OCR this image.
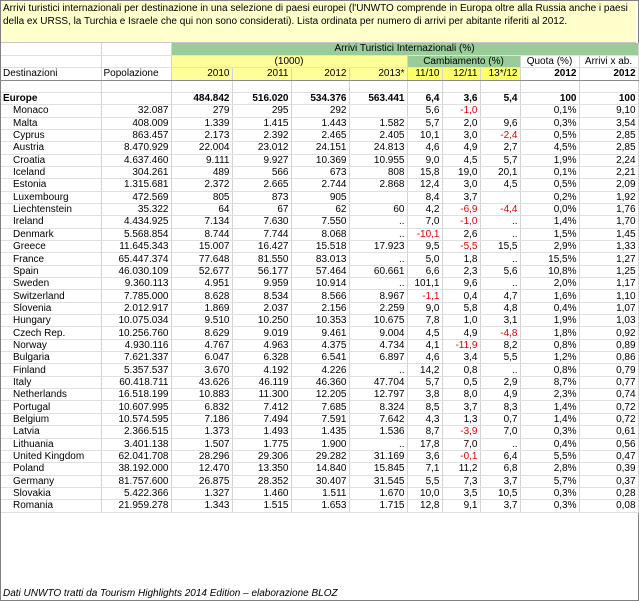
Arrivi turistici internazionali per destinazione in una selezione di paesi europei (l'UNWTO comprende in Europa oltre alla Russia anche i paesi della ex URSS, la Turchia e Israele che qui non sono considerati). Lista ordinata per numero di arrivi per abitante riferiti al 2012.
		Arrivi Turistici Internazionali (%)								
		(1000)				Cambiamento (%)			Quota (%)	Arrivi x ab.
Destinazioni	Popolazione	2010	2011	2012	2013*	11/10	12/11	13*/12	2012	2012

Europe		484.842	516.020	534.376	563.441	6,4	3,6	5,4	100	100
Monaco	32.087	279	295	292		5,6	-1,0		0,1%	9,10
Malta	408.009	1.339	1.415	1.443	1.582	5,7	2,0	9,6	0,3%	3,54
Cyprus	863.457	2.173	2.392	2.465	2.405	10,1	3,0	-2,4	0,5%	2,85
Austria	8.470.929	22.004	23.012	24.151	24.813	4,6	4,9	2,7	4,5%	2,85
Croatia	4.637.460	9.111	9.927	10.369	10.955	9,0	4,5	5,7	1,9%	2,24
Iceland	304.261	489	566	673	808	15,8	19,0	20,1	0,1%	2,21
Estonia	1.315.681	2.372	2.665	2.744	2.868	12,4	3,0	4,5	0,5%	2,09
Luxembourg	472.569	805	873	905		8,4	3,7		0,2%	1,92
Liechtenstein	35.322	64	67	62	60	4,2	-6,9	-4,4	0,0%	1,76
Ireland	4.434.925	7.134	7.630	7.550	..	7,0	-1,0	..	1,4%	1,70
Denmark	5.568.854	8.744	7.744	8.068	..	-10,1	2,6	..	1,5%	1,45
Greece	11.645.343	15.007	16.427	15.518	17.923	9,5	-5,5	15,5	2,9%	1,33
France	65.447.374	77.648	81.550	83.013	..	5,0	1,8	..	15,5%	1,27
Spain	46.030.109	52.677	56.177	57.464	60.661	6,6	2,3	5,6	10,8%	1,25
Sweden	9.360.113	4.951	9.959	10.914	..	101,1	9,6	..	2,0%	1,17
Switzerland	7.785.000	8.628	8.534	8.566	8.967	-1,1	0,4	4,7	1,6%	1,10
Slovenia	2.012.917	1.869	2.037	2.156	2.259	9,0	5,8	4,8	0,4%	1,07
Hungary	10.075.034	9.510	10.250	10.353	10.675	7,8	1,0	3,1	1,9%	1,03
Czech Rep.	10.256.760	8.629	9.019	9.461	9.004	4,5	4,9	-4,8	1,8%	0,92
Norway	4.930.116	4.767	4.963	4.375	4.734	4,1	-11,9	8,2	0,8%	0,89
Bulgaria	7.621.337	6.047	6.328	6.541	6.897	4,6	3,4	5,5	1,2%	0,86
Finland	5.357.537	3.670	4.192	4.226	..	14,2	0,8	..	0,8%	0,79
Italy	60.418.711	43.626	46.119	46.360	47.704	5,7	0,5	2,9	8,7%	0,77
Netherlands	16.518.199	10.883	11.300	12.205	12.797	3,8	8,0	4,9	2,3%	0,74
Portugal	10.607.995	6.832	7.412	7.685	8.324	8,5	3,7	8,3	1,4%	0,72
Belgium	10.574.595	7.186	7.494	7.591	7.642	4,3	1,3	0,7	1,4%	0,72
Latvia	2.366.515	1.373	1.493	1.435	1.536	8,7	-3,9	7,0	0,3%	0,61
Lithuania	3.401.138	1.507	1.775	1.900	..	17,8	7,0	..	0,4%	0,56
United Kingdom	62.041.708	28.296	29.306	29.282	31.169	3,6	-0,1	6,4	5,5%	0,47
Poland	38.192.000	12.470	13.350	14.840	15.845	7,1	11,2	6,8	2,8%	0,39
Germany	81.757.600	26.875	28.352	30.407	31.545	5,5	7,3	3,7	5,7%	0,37
Slovakia	5.422.366	1.327	1.460	1.511	1.670	10,0	3,5	10,5	0,3%	0,28
Romania	21.959.278	1.343	1.515	1.653	1.715	12,8	9,1	3,7	0,3%	0,08
Dati UNWTO tratti da Tourism Highlights 2014 Edition – elaborazione BLOZ
